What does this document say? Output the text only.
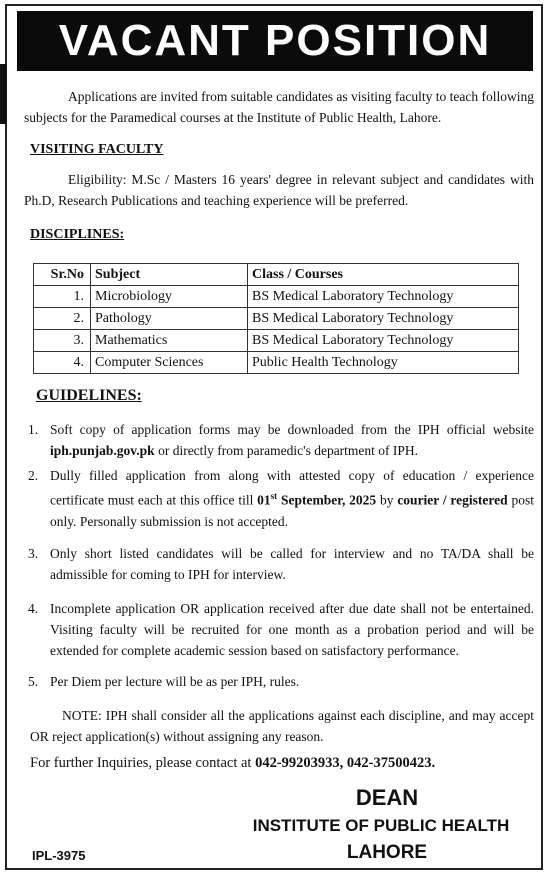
VACANT POSITION
Applications are invited from suitable candidates as visiting faculty to teach following subjects for the Paramedical courses at the Institute of Public Health, Lahore.
VISITING FACULTY
Eligibility: M.Sc / Masters 16 years' degree in relevant subject and candidates with Ph.D, Research Publications and teaching experience will be preferred.
DISCIPLINES:
Sr.No	Subject	Class / Courses
1.	Microbiology	BS Medical Laboratory Technology
2.	Pathology	BS Medical Laboratory Technology
3.	Mathematics	BS Medical Laboratory Technology
4.	Computer Sciences	Public Health Technology
GUIDELINES:
1. Soft copy of application forms may be downloaded from the IPH official website iph.punjab.gov.pk or directly from paramedic's department of IPH.
2. Dully filled application from along with attested copy of education / experience certificate must each at this office till 01st September, 2025 by courier / registered post only. Personally submission is not accepted.
3. Only short listed candidates will be called for interview and no TA/DA shall be admissible for coming to IPH for interview.
4. Incomplete application OR application received after due date shall not be entertained. Visiting faculty will be recruited for one month as a probation period and will be extended for complete academic session based on satisfactory performance.
5. Per Diem per lecture will be as per IPH, rules.
NOTE: IPH shall consider all the applications against each discipline, and may accept OR reject application(s) without assigning any reason.
For further Inquiries, please contact at 042-99203933, 042-37500423.
DEAN
INSTITUTE OF PUBLIC HEALTH
LAHORE
IPL-3975
